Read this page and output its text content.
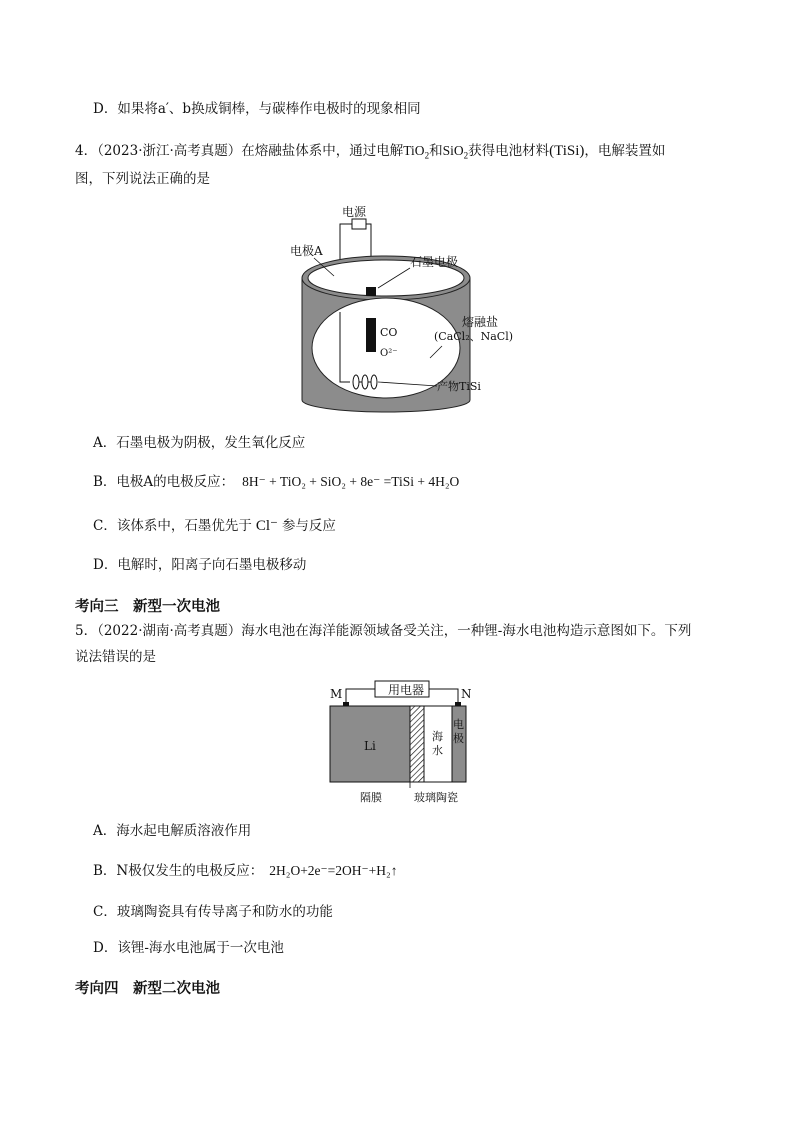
D．如果将a′、b换成铜棒，与碳棒作电极时的现象相同
4．（2023·浙江·高考真题）在熔融盐体系中，通过电解TiO$_2$和SiO$_2$获得电池材料(TiSi)，电解装置如
图，下列说法正确的是
电源
电极A
石墨电极
CO
O²⁻
熔融盐
(CaCl₂、NaCl)
产物TiSi
A．石墨电极为阴极，发生氧化反应
B．电极A的电极反应： 8H⁻ + TiO₂ + SiO₂ + 8e⁻ =TiSi + 4H₂O
C．该体系中，石墨优先于 Cl⁻ 参与反应
D．电解时，阳离子向石墨电极移动
考向三　新型一次电池
5．（2022·湖南·高考真题）海水电池在海洋能源领域备受关注，一种锂-海水电池构造示意图如下。下列
说法错误的是
用电器
M	N
Li
海
水
电
极
隔膜	玻璃陶瓷
A．海水起电解质溶液作用
B．N极仅发生的电极反应： 2H₂O+2e⁻=2OH⁻+H₂↑
C．玻璃陶瓷具有传导离子和防水的功能
D．该锂-海水电池属于一次电池
考向四　新型二次电池
